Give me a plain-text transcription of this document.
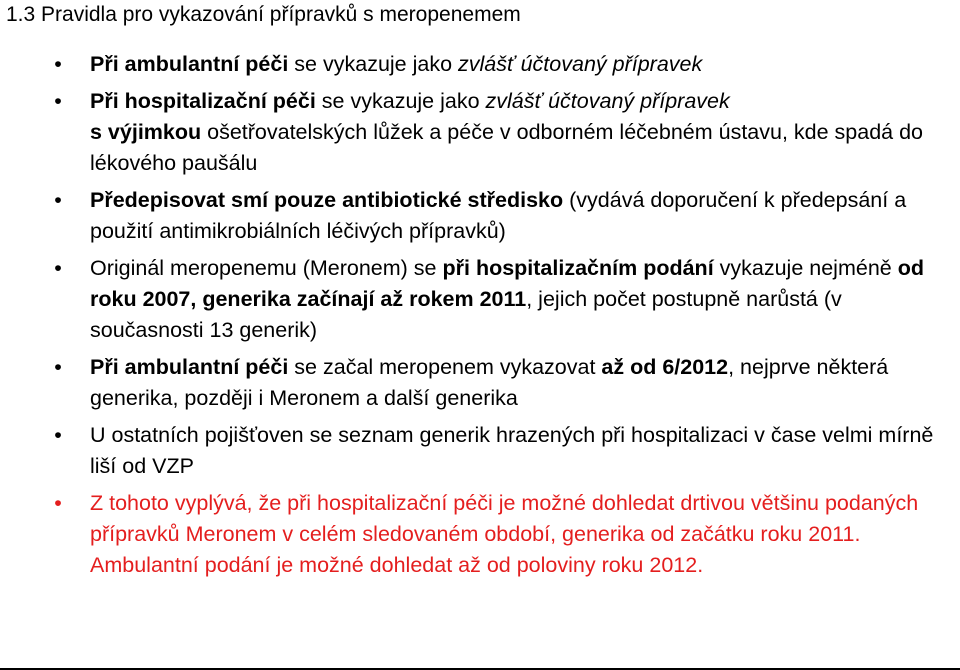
1.3 Pravidla pro vykazování přípravků s meropenemem
• Při ambulantní péči se vykazuje jako zvlášť účtovaný přípravek
• Při hospitalizační péči se vykazuje jako zvlášť účtovaný přípravek
s výjimkou ošetřovatelských lůžek a péče v odborném léčebném ústavu, kde spadá do lékového paušálu
• Předepisovat smí pouze antibiotické středisko (vydává doporučení k předepsání a použití antimikrobiálních léčivých přípravků)
• Originál meropenemu (Meronem) se při hospitalizačním podání vykazuje nejméně od roku 2007, generika začínají až rokem 2011, jejich počet postupně narůstá (v současnosti 13 generik)
• Při ambulantní péči se začal meropenem vykazovat až od 6/2012, nejprve některá generika, později i Meronem a další generika
• U ostatních pojišťoven se seznam generik hrazených při hospitalizaci v čase velmi mírně liší od VZP
• Z tohoto vyplývá, že při hospitalizační péči je možné dohledat drtivou většinu podaných přípravků Meronem v celém sledovaném období, generika od začátku roku 2011. Ambulantní podání je možné dohledat až od poloviny roku 2012.
